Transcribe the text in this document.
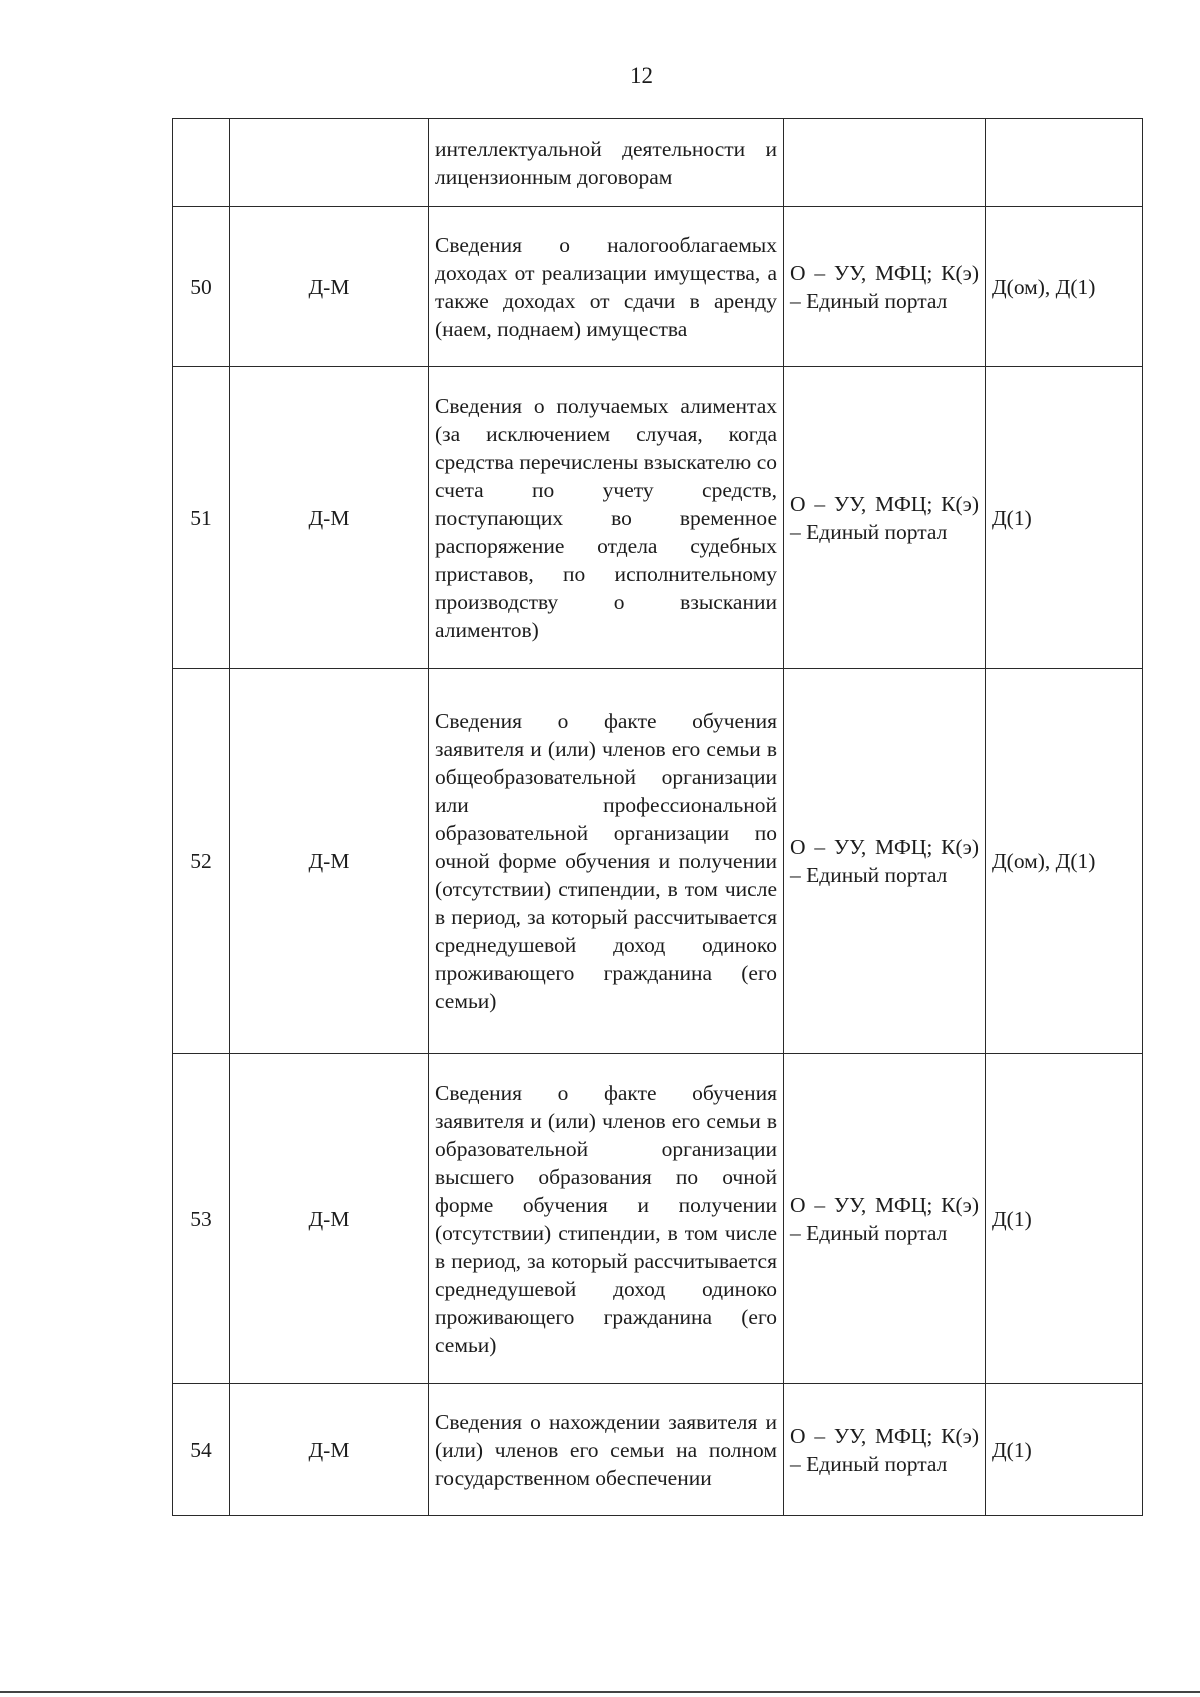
12
		интеллектуальной деятельности и лицензионным договорам		
50	Д-М	Сведения о налогооблагаемых доходах от реализации имущества, а также доходах от сдачи в аренду (наем, поднаем) имущества	О – УУ, МФЦ; К(э) – Единый портал	Д(ом), Д(1)
51	Д-М	Сведения о получаемых алиментах (за исключением случая, когда средства перечислены взыскателю со счета по учету средств, поступающих во временное распоряжение отдела судебных приставов, по исполнительному производству о взыскании алиментов)	О – УУ, МФЦ; К(э) – Единый портал	Д(1)
52	Д-М	Сведения о факте обучения заявителя и (или) членов его семьи в общеобразовательной организации или профессиональной образовательной организации по очной форме обучения и получении (отсутствии) стипендии, в том числе в период, за который рассчитывается среднедушевой доход одиноко проживающего гражданина (его семьи)	О – УУ, МФЦ; К(э) – Единый портал	Д(ом), Д(1)
53	Д-М	Сведения о факте обучения заявителя и (или) членов его семьи в образовательной организации высшего образования по очной форме обучения и получении (отсутствии) стипендии, в том числе в период, за который рассчитывается среднедушевой доход одиноко проживающего гражданина (его семьи)	О – УУ, МФЦ; К(э) – Единый портал	Д(1)
54	Д-М	Сведения о нахождении заявителя и (или) членов его семьи на полном государственном обеспечении	О – УУ, МФЦ; К(э) – Единый портал	Д(1)
